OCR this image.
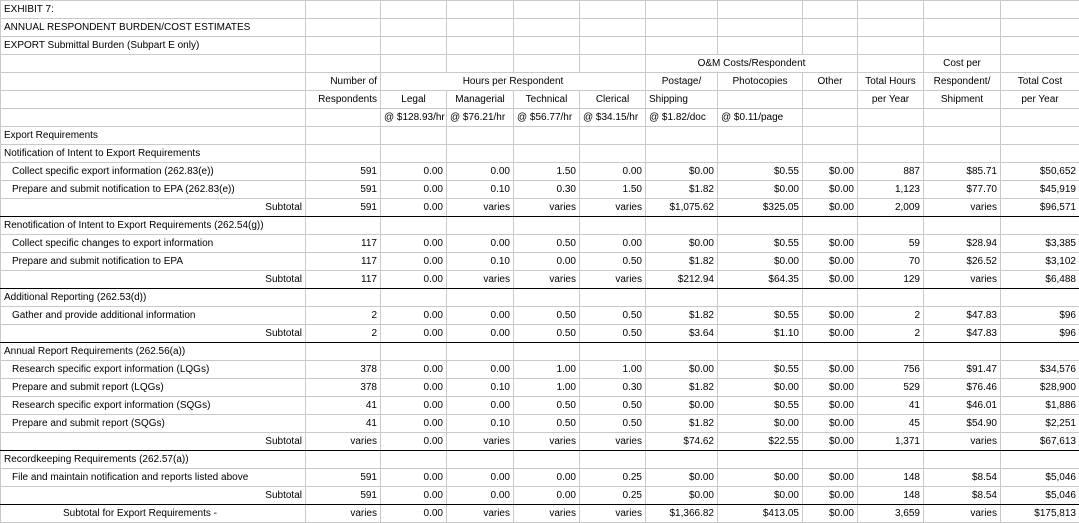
EXHIBIT 7:											
ANNUAL RESPONDENT BURDEN/COST ESTIMATES											
EXPORT Submittal Burden (Subpart E only)											
						O&M Costs/Respondent				Cost per	
	Number of	Hours per Respondent				Postage/	Photocopies	Other	Total Hours	Respondent/	Total Cost
	Respondents	Legal	Managerial	Technical	Clerical	Shipping			per Year	Shipment	per Year
		@ $128.93/hr	@ $76.21/hr	@ $56.77/hr	@ $34.15/hr	@ $1.82/doc	@ $0.11/page				
Export Requirements											
Notification of Intent to Export Requirements											
Collect specific export information (262.83(e))	591	0.00	0.00	1.50	0.00	$0.00	$0.55	$0.00	887	$85.71	$50,652
Prepare and submit notification to EPA (262.83(e))	591	0.00	0.10	0.30	1.50	$1.82	$0.00	$0.00	1,123	$77.70	$45,919
Subtotal	591	0.00	varies	varies	varies	$1,075.62	$325.05	$0.00	2,009	varies	$96,571
Renotification of Intent to Export Requirements (262.54(g))											
Collect specific changes to export information	117	0.00	0.00	0.50	0.00	$0.00	$0.55	$0.00	59	$28.94	$3,385
Prepare and submit notification to EPA	117	0.00	0.10	0.00	0.50	$1.82	$0.00	$0.00	70	$26.52	$3,102
Subtotal	117	0.00	varies	varies	varies	$212.94	$64.35	$0.00	129	varies	$6,488
Additional Reporting (262.53(d))											
Gather and provide additional information	2	0.00	0.00	0.50	0.50	$1.82	$0.55	$0.00	2	$47.83	$96
Subtotal	2	0.00	0.00	0.50	0.50	$3.64	$1.10	$0.00	2	$47.83	$96
Annual Report Requirements (262.56(a))											
Research specific export information (LQGs)	378	0.00	0.00	1.00	1.00	$0.00	$0.55	$0.00	756	$91.47	$34,576
Prepare and submit report (LQGs)	378	0.00	0.10	1.00	0.30	$1.82	$0.00	$0.00	529	$76.46	$28,900
Research specific export information (SQGs)	41	0.00	0.00	0.50	0.50	$0.00	$0.55	$0.00	41	$46.01	$1,886
Prepare and submit report (SQGs)	41	0.00	0.10	0.50	0.50	$1.82	$0.00	$0.00	45	$54.90	$2,251
Subtotal	varies	0.00	varies	varies	varies	$74.62	$22.55	$0.00	1,371	varies	$67,613
Recordkeeping Requirements (262.57(a))											
File and maintain notification and reports listed above	591	0.00	0.00	0.00	0.25	$0.00	$0.00	$0.00	148	$8.54	$5,046
Subtotal	591	0.00	0.00	0.00	0.25	$0.00	$0.00	$0.00	148	$8.54	$5,046
Subtotal for Export Requirements -	varies	0.00	varies	varies	varies	$1,366.82	$413.05	$0.00	3,659	varies	$175,813
